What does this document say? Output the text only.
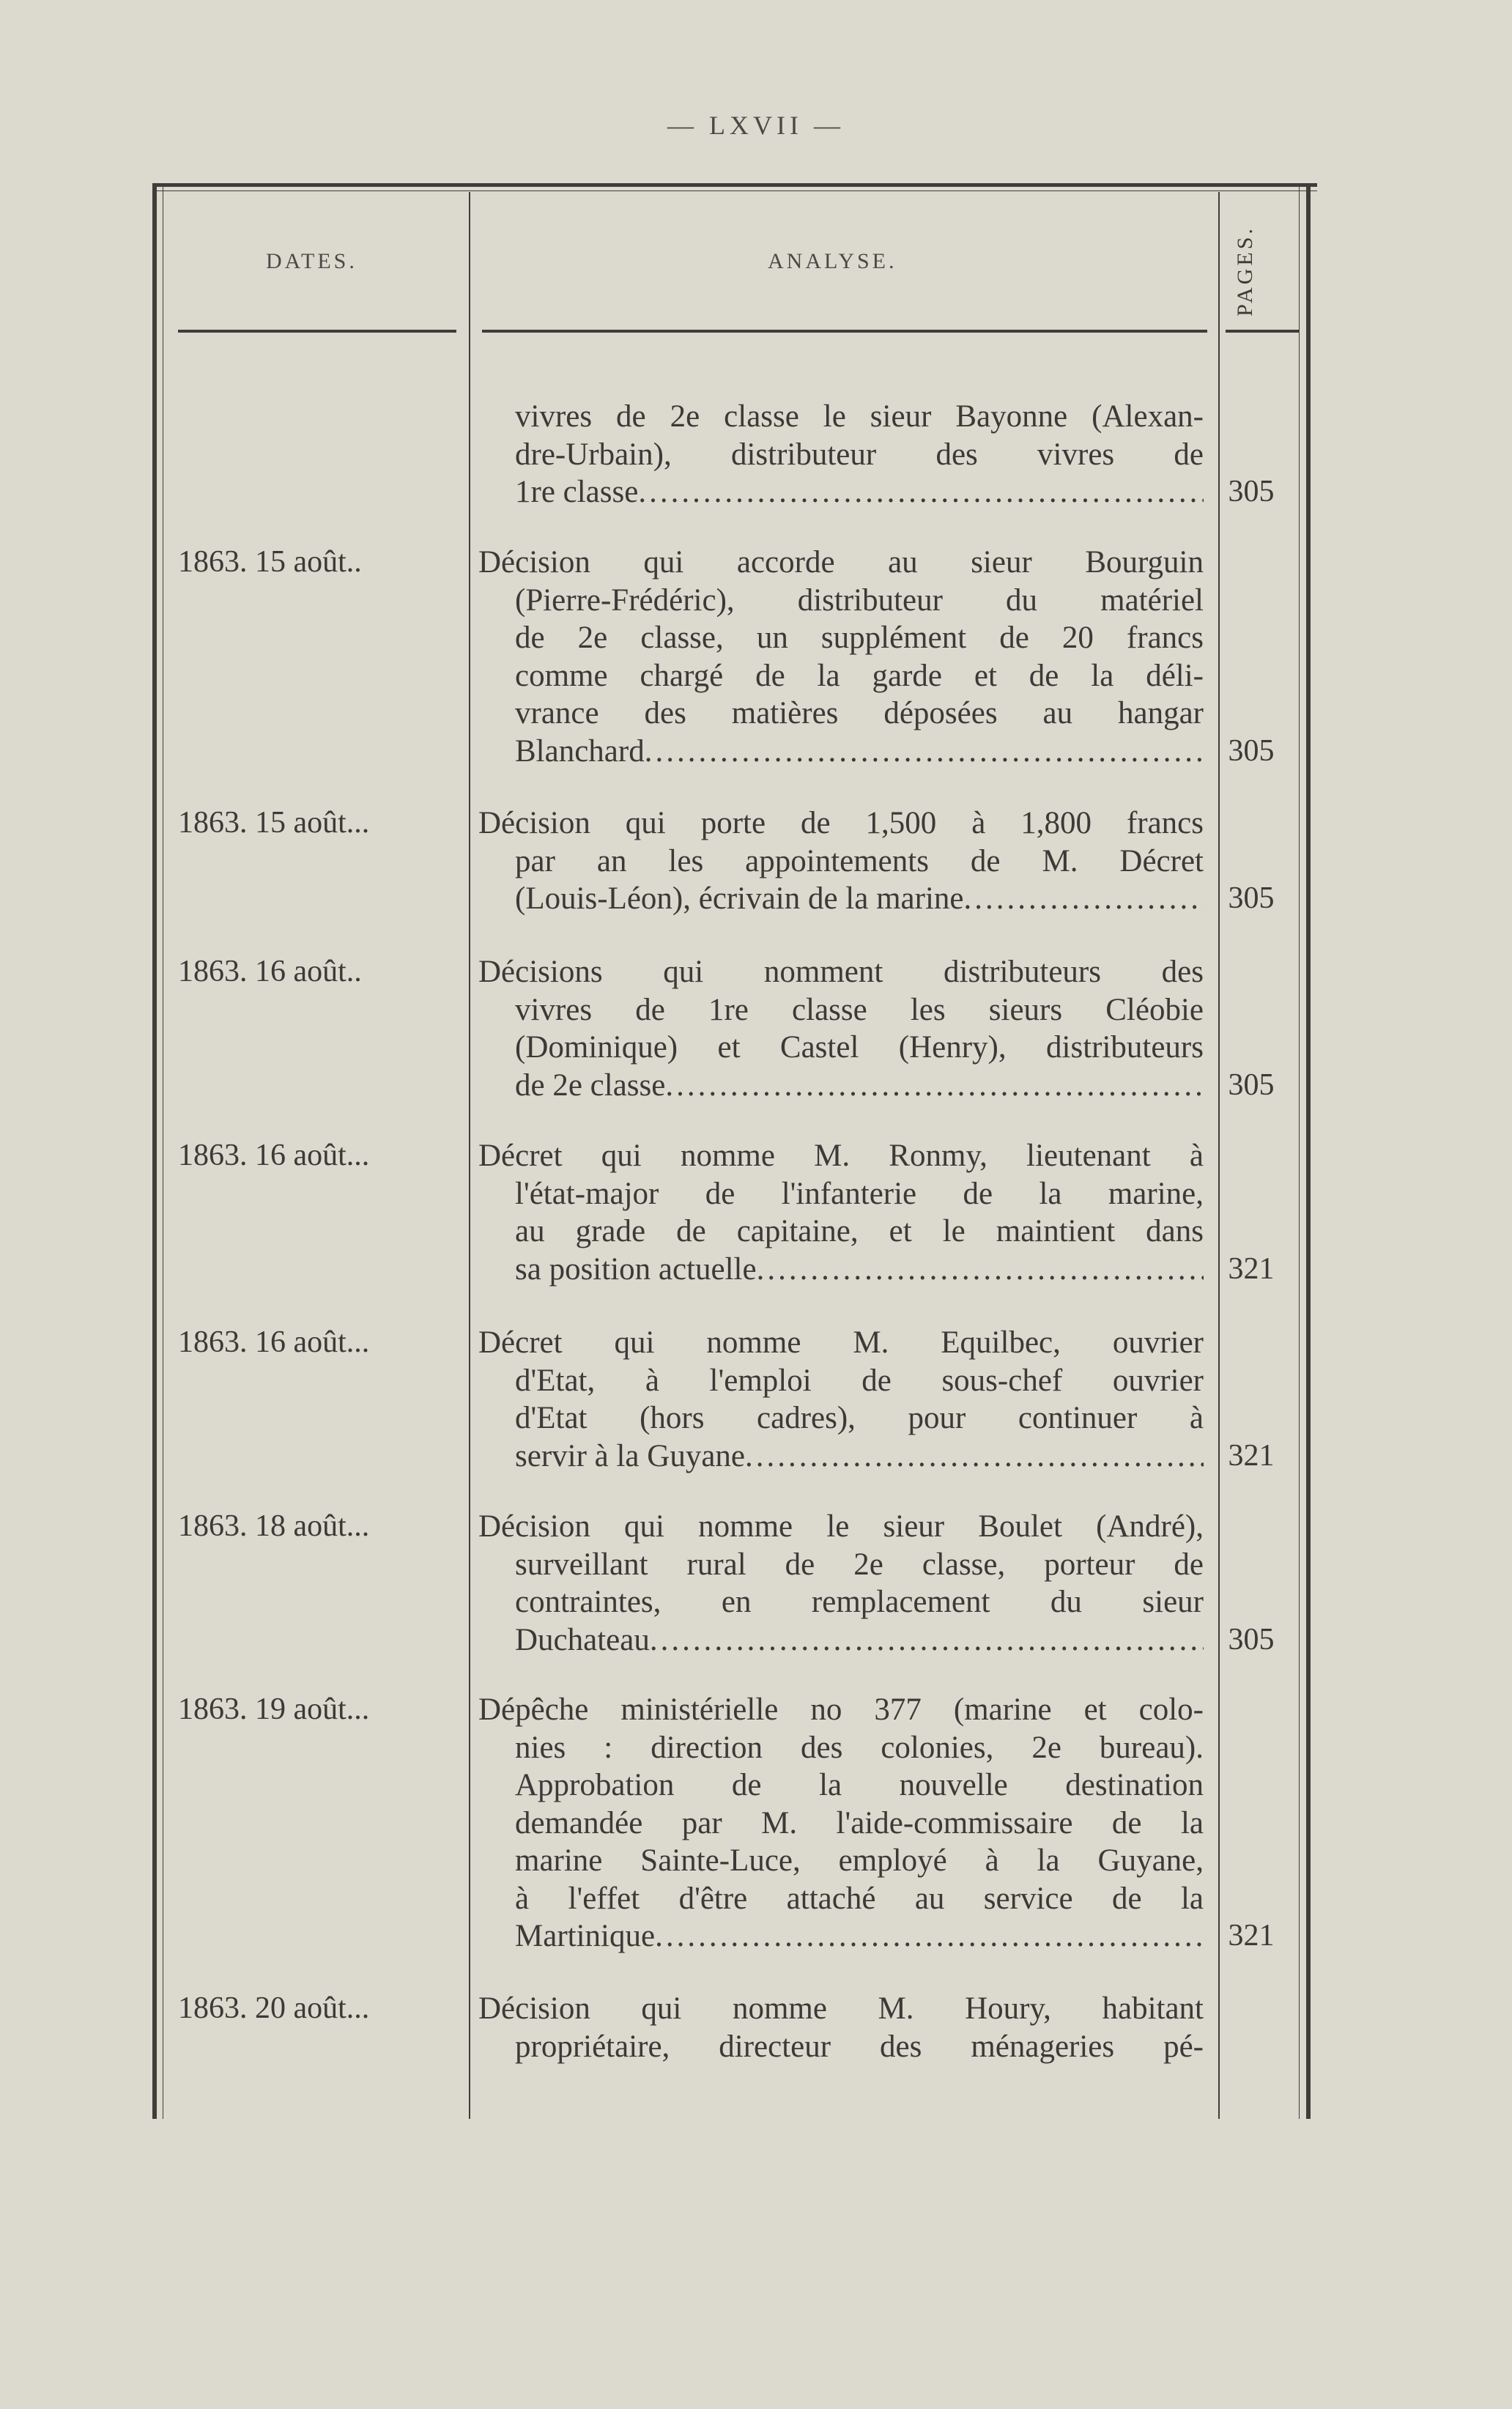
— LXVII —
DATES.	ANALYSE.	PAGES.
vivres de 2e classe le sieur Bayonne (Alexan-
dre-Urbain), distributeur des vivres de
1re classe .....	305
1863. 15 août..	Décision qui accorde au sieur Bourguin
(Pierre-Frédéric), distributeur du matériel
de 2e classe, un supplément de 20 francs
comme chargé de la garde et de la déli-
vrance des matières déposées au hangar
Blanchard .....	305
1863. 15 août...	Décision qui porte de 1,500 à 1,800 francs
par an les appointements de M. Décret
(Louis-Léon), écrivain de la marine .....	305
1863. 16 août..	Décisions qui nomment distributeurs des
vivres de 1re classe les sieurs Cléobie
(Dominique) et Castel (Henry), distributeurs
de 2e classe .....	305
1863. 16 août...	Décret qui nomme M. Ronmy, lieutenant à
l'état-major de l'infanterie de la marine,
au grade de capitaine, et le maintient dans
sa position actuelle .....	321
1863. 16 août...	Décret qui nomme M. Equilbec, ouvrier
d'Etat, à l'emploi de sous-chef ouvrier
d'Etat (hors cadres), pour continuer à
servir à la Guyane .....	321
1863. 18 août...	Décision qui nomme le sieur Boulet (André),
surveillant rural de 2e classe, porteur de
contraintes, en remplacement du sieur
Duchateau .....	305
1863. 19 août...	Dépêche ministérielle no 377 (marine et colo-
nies : direction des colonies, 2e bureau).
Approbation de la nouvelle destination
demandée par M. l'aide-commissaire de la
marine Sainte-Luce, employé à la Guyane,
à l'effet d'être attaché au service de la
Martinique .....	321
1863. 20 août...	Décision qui nomme M. Houry, habitant
propriétaire, directeur des ménageries pé-
